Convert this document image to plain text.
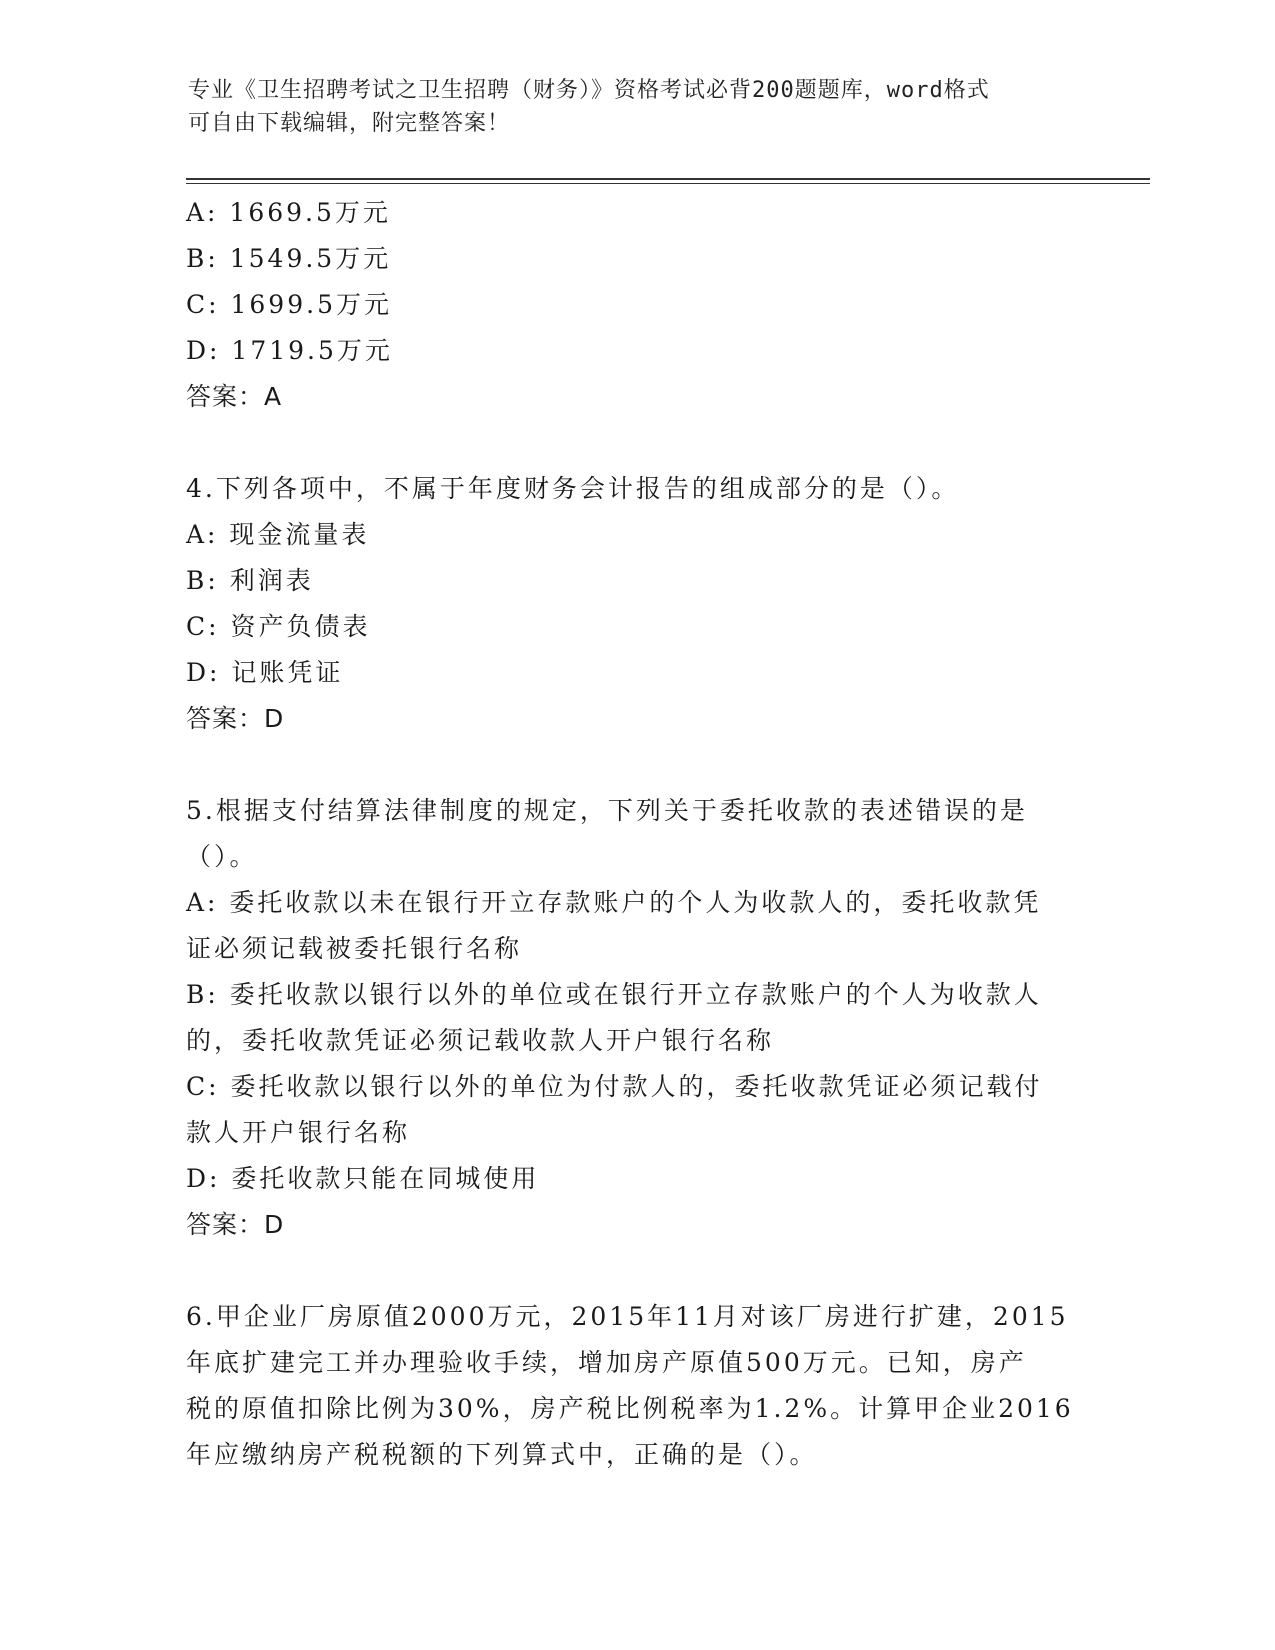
专业《卫生招聘考试之卫生招聘（财务）》资格考试必背200题题库，word格式
可自由下载编辑，附完整答案！

A: 1669.5万元

B: 1549.5万元

C: 1699.5万元

D: 1719.5万元

答案：A

4.下列各项中，不属于年度财务会计报告的组成部分的是（）。

A: 现金流量表

B: 利润表

C: 资产负债表

D: 记账凭证

答案：D

5.根据支付结算法律制度的规定，下列关于委托收款的表述错误的是

（）。

A: 委托收款以未在银行开立存款账户的个人为收款人的，委托收款凭

证必须记载被委托银行名称

B: 委托收款以银行以外的单位或在银行开立存款账户的个人为收款人

的，委托收款凭证必须记载收款人开户银行名称

C: 委托收款以银行以外的单位为付款人的，委托收款凭证必须记载付

款人开户银行名称

D: 委托收款只能在同城使用

答案：D

6.甲企业厂房原值2000万元，2015年11月对该厂房进行扩建，2015

年底扩建完工并办理验收手续，增加房产原值500万元。已知，房产

税的原值扣除比例为30%，房产税比例税率为1.2%。计算甲企业2016

年应缴纳房产税税额的下列算式中，正确的是（）。
